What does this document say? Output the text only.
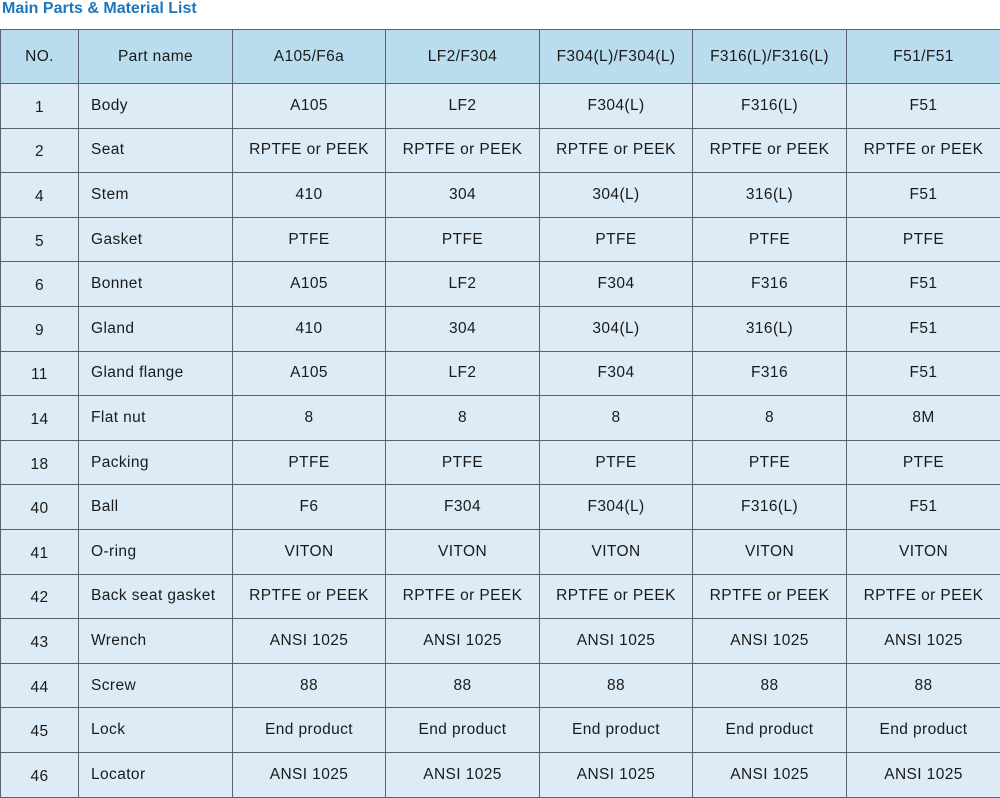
Main Parts & Material List
NO.	Part name	A105/F6a	LF2/F304	F304(L)/F304(L)	F316(L)/F316(L)	F51/F51
1	Body	A105	LF2	F304(L)	F316(L)	F51
2	Seat	RPTFE or PEEK	RPTFE or PEEK	RPTFE or PEEK	RPTFE or PEEK	RPTFE or PEEK
4	Stem	410	304	304(L)	316(L)	F51
5	Gasket	PTFE	PTFE	PTFE	PTFE	PTFE
6	Bonnet	A105	LF2	F304	F316	F51
9	Gland	410	304	304(L)	316(L)	F51
11	Gland flange	A105	LF2	F304	F316	F51
14	Flat nut	8	8	8	8	8M
18	Packing	PTFE	PTFE	PTFE	PTFE	PTFE
40	Ball	F6	F304	F304(L)	F316(L)	F51
41	O-ring	VITON	VITON	VITON	VITON	VITON
42	Back seat gasket	RPTFE or PEEK	RPTFE or PEEK	RPTFE or PEEK	RPTFE or PEEK	RPTFE or PEEK
43	Wrench	ANSI 1025	ANSI 1025	ANSI 1025	ANSI 1025	ANSI 1025
44	Screw	88	88	88	88	88
45	Lock	End product	End product	End product	End product	End product
46	Locator	ANSI 1025	ANSI 1025	ANSI 1025	ANSI 1025	ANSI 1025
